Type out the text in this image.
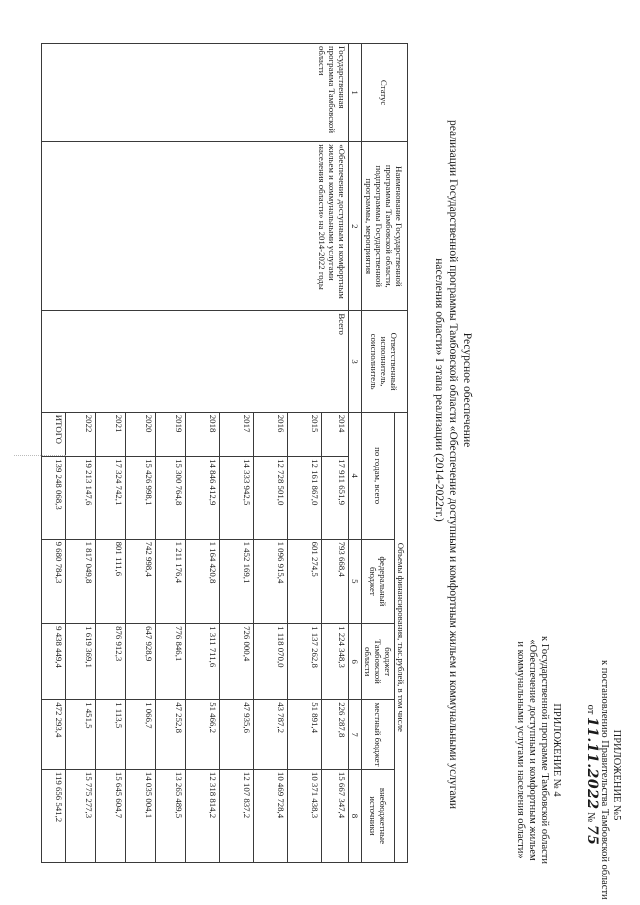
ПРИЛОЖЕНИЕ №5
к постановлению Правительства Тамбовской области
от 11.11.2022 № 75
ПРИЛОЖЕНИЕ № 4
к Государственной программе Тамбовской области
«Обеспечение доступным и комфортным жильем
и коммунальными услугами населения области»
Ресурсное обеспечение
реализации Государственной программы Тамбовской области «Обеспечение доступным и комфортным жильем и коммунальными услугами
населения области» I этапа реализации (2014-2022гг.)
Статус	Наименование Государственной программы Тамбовской области, подпрограммы Государственной программы, мероприятия	Ответственный исполнитель, соисполнитель	Объемы финансирования, тыс.рублей, в том числе					
			по годам, всего		федеральный бюджет	бюджет Тамбовской области	местный бюджет	внебюджетные источники
1	2	3	4		5	6	7	8
Государственная программа Тамбовской области	«Обеспечение доступным и комфортным жильем и коммунальными услугами населения области» на 2014-2022 годы	Всего	2014	17 911 651,9	793 668,4	1 224 348,3	226 287,8	15 667 347,4
			2015	12 161 867,0	601 274,5	1 137 262,8	51 891,4	10 371 438,3
			2016	12 728 501,0	1 096 915,4	1 118 070,0	43 787,2	10 469 728,4
			2017	14 333 942,5	1 452 169,1	726 000,4	47 935,6	12 107 837,2
			2018	14 846 412,9	1 164 420,8	1 311 711,6	51 466,2	12 318 814,2
			2019	15 300 764,8	1 211 176,4	776 846,1	47 252,8	13 265 489,5
			2020	15 426 998,1	742 998,4	647 928,9	1 066,7	14 035 004,1
			2021	17 324 742,1	801 111,6	876 912,3	1 113,5	15 645 604,7
			2022	19 213 147,6	1 817 049,8	1 619 369,1	1 451,5	15 775 277,3
			ИТОГО	139 248 068,3	9 680 784,3	9 438 449,4	472 293,4	119 656 541,2
